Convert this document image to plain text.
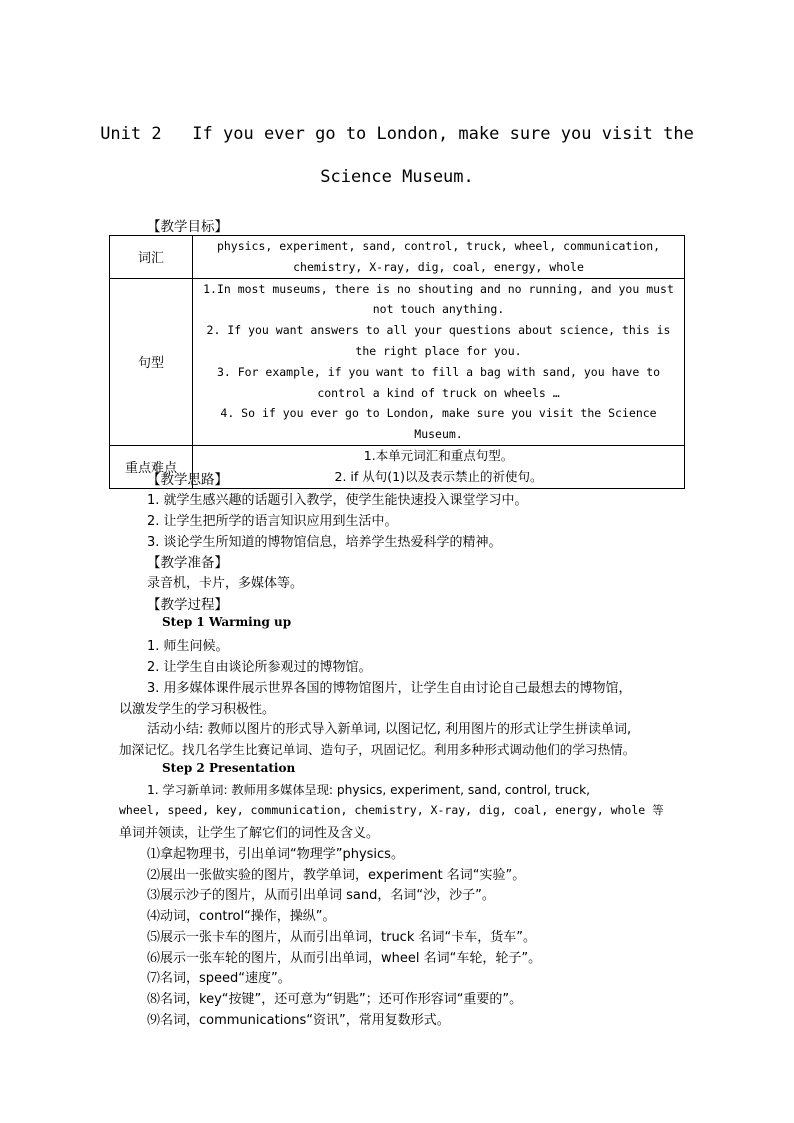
Unit 2   If you ever go to London, make sure you visit the
Science Museum.
【教学目标】
词汇	physics, experiment, sand, control, truck, wheel, communication,

chemistry, X-ray, dig, coal, energy, whole

句型	1.In most museums, there is no shouting and no running, and you must not touch anything.

2. If you want answers to all your questions about science, this is the right place for you.

3. For example, if you want to fill a bag with sand, you have to control a kind of truck on wheels …

4. So if you ever go to London, make sure you visit the Science Museum.

重点难点	1.本单元词汇和重点句型。

2. if 从句(1)以及表示禁止的祈使句。

【教学思路】
1. 就学生感兴趣的话题引入教学，使学生能快速投入课堂学习中。
2. 让学生把所学的语言知识应用到生活中。
3. 谈论学生所知道的博物馆信息，培养学生热爱科学的精神。
【教学准备】
录音机，卡片，多媒体等。
【教学过程】
Step 1 Warming up
1. 师生问候。
2. 让学生自由谈论所参观过的博物馆。
3. 用多媒体课件展示世界各国的博物馆图片，让学生自由讨论自己最想去的博物馆，
以激发学生的学习积极性。
活动小结: 教师以图片的形式导入新单词, 以图记忆, 利用图片的形式让学生拼读单词,
加深记忆。找几名学生比赛记单词、造句子，巩固记忆。利用多种形式调动他们的学习热情。
Step 2 Presentation
1. 学习新单词: 教师用多媒体呈现: physics, experiment, sand, control, truck,
wheel, speed, key, communication, chemistry, X-ray, dig, coal, energy, whole 等
单词并领读，让学生了解它们的词性及含义。
⑴拿起物理书，引出单词“物理学”physics。
⑵展出一张做实验的图片，教学单词，experiment 名词“实验”。
⑶展示沙子的图片，从而引出单词 sand，名词“沙，沙子”。
⑷动词，control“操作，操纵”。
⑸展示一张卡车的图片，从而引出单词，truck 名词“卡车，货车”。
⑹展示一张车轮的图片，从而引出单词，wheel 名词“车轮，轮子”。
⑺名词，speed“速度”。
⑻名词，key“按键”，还可意为“钥匙”；还可作形容词“重要的”。
⑼名词，communications“资讯”，常用复数形式。
